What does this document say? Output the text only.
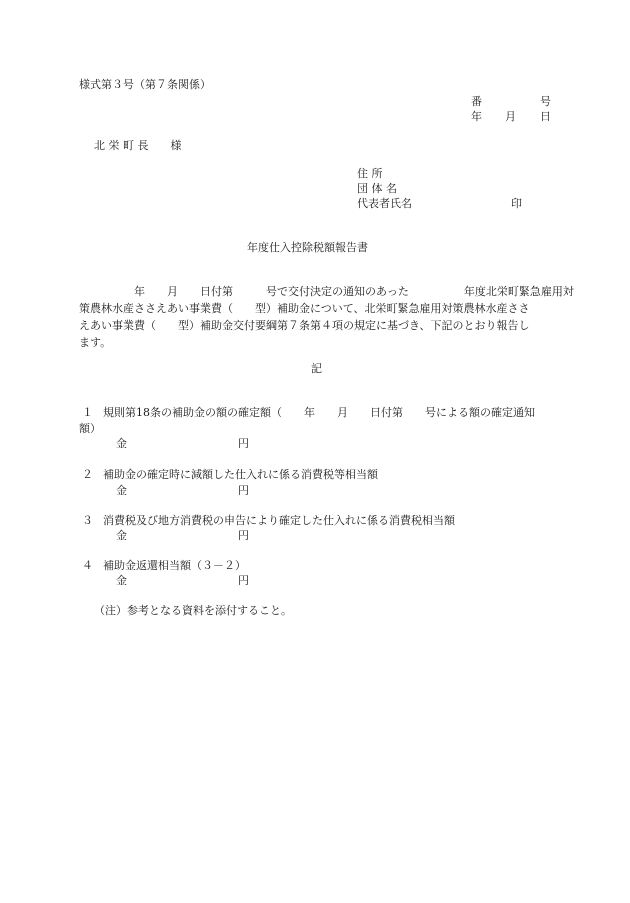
様式第３号（第７条関係）
番	号
年 月 日
北 栄 町 長　　様
住 所
団 体 名
代表者氏名	印
年度仕入控除税額報告書
　　　　　年　　月　　日付第　　　号で交付決定の通知のあった　　　　　年度北栄町緊急雇用対
策農林水産ささえあい事業費（　　型）補助金について、北栄町緊急雇用対策農林水産ささ
えあい事業費（　　型）補助金交付要綱第７条第４項の規定に基づき、下記のとおり報告し
ます。
記
１ 規則第18条の補助金の額の確定額（　　年　　月　　日付第　　号による額の確定通知
額）
金	円
２ 補助金の確定時に減額した仕入れに係る消費税等相当額
金	円
３ 消費税及び地方消費税の申告により確定した仕入れに係る消費税相当額
金	円
４ 補助金返還相当額（３－２）
金	円
（注）参考となる資料を添付すること。
